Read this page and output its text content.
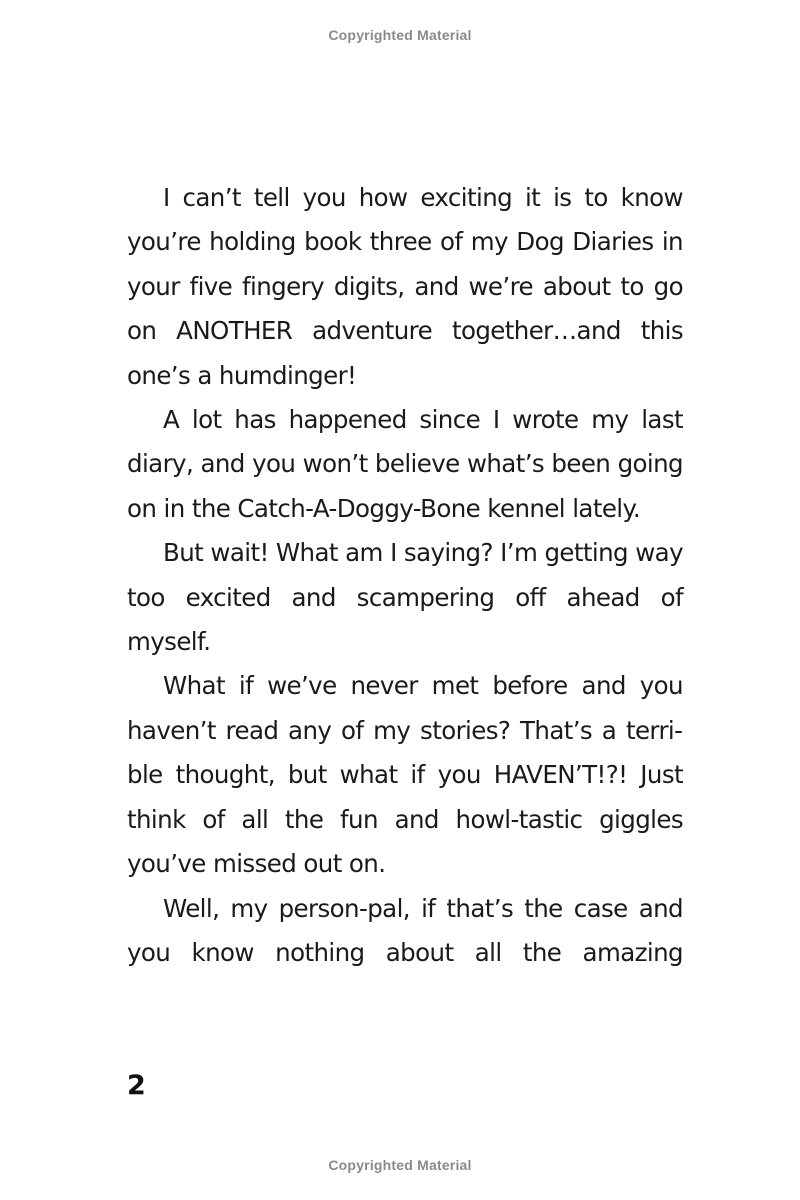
Copyrighted Material

I can’t tell you how exciting it is to know you’re holding book three of my Dog Diaries in your five fingery digits, and we’re about to go on ANOTHER adventure together…and this one’s a humdinger!

A lot has happened since I wrote my last diary, and you won’t believe what’s been going on in the Catch-A-Doggy-Bone kennel lately.

But wait! What am I saying? I’m getting way too excited and scampering off ahead of myself.

What if we’ve never met before and you haven’t read any of my stories? That’s a terrible thought, but what if you HAVEN’T!?! Just think of all the fun and howl-tastic giggles you’ve missed out on.

Well, my person-pal, if that’s the case and you know nothing about all the amazing

2
Copyrighted Material
